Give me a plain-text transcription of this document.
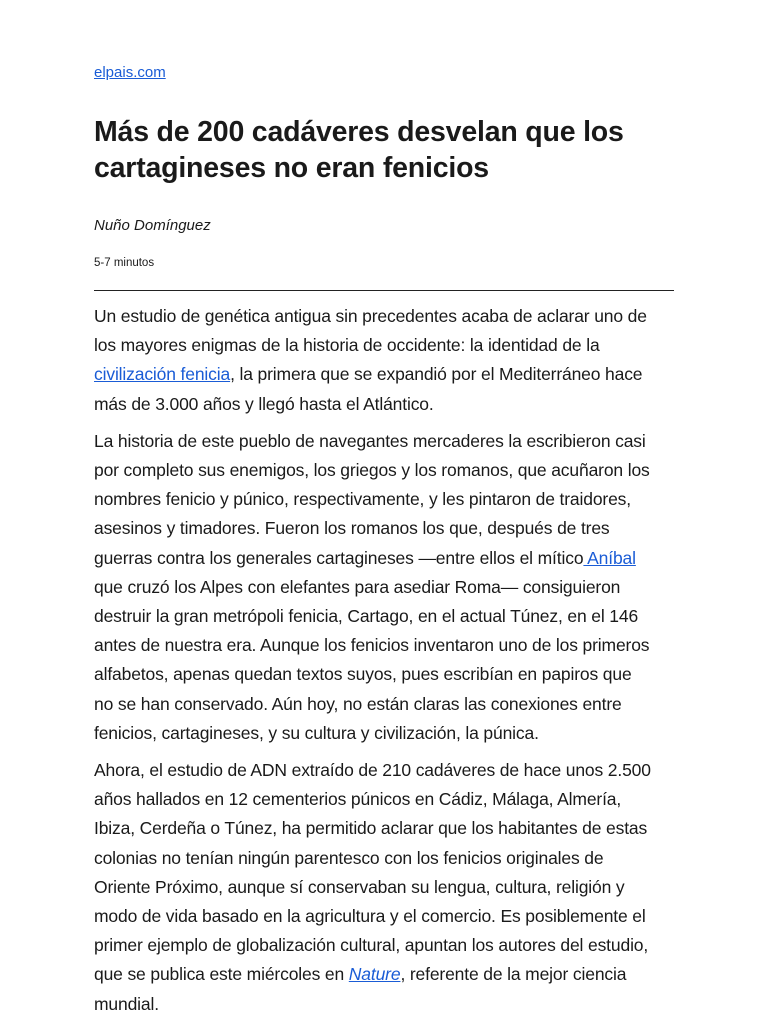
elpais.com
Más de 200 cadáveres desvelan que los
cartagineses no eran fenicios
Nuño Domínguez
5-7 minutos

Un estudio de genética antigua sin precedentes acaba de aclarar uno de
los mayores enigmas de la historia de occidente: la identidad de la
civilización fenicia, la primera que se expandió por el Mediterráneo hace
más de 3.000 años y llegó hasta el Atlántico.

La historia de este pueblo de navegantes mercaderes la escribieron casi
por completo sus enemigos, los griegos y los romanos, que acuñaron los
nombres fenicio y púnico, respectivamente, y les pintaron de traidores,
asesinos y timadores. Fueron los romanos los que, después de tres
guerras contra los generales cartagineses —entre ellos el mítico Aníbal
que cruzó los Alpes con elefantes para asediar Roma— consiguieron
destruir la gran metrópoli fenicia, Cartago, en el actual Túnez, en el 146
antes de nuestra era. Aunque los fenicios inventaron uno de los primeros
alfabetos, apenas quedan textos suyos, pues escribían en papiros que
no se han conservado. Aún hoy, no están claras las conexiones entre
fenicios, cartagineses, y su cultura y civilización, la púnica.

Ahora, el estudio de ADN extraído de 210 cadáveres de hace unos 2.500
años hallados en 12 cementerios púnicos en Cádiz, Málaga, Almería,
Ibiza, Cerdeña o Túnez, ha permitido aclarar que los habitantes de estas
colonias no tenían ningún parentesco con los fenicios originales de
Oriente Próximo, aunque sí conservaban su lengua, cultura, religión y
modo de vida basado en la agricultura y el comercio. Es posiblemente el
primer ejemplo de globalización cultural, apuntan los autores del estudio,
que se publica este miércoles en Nature, referente de la mejor ciencia
mundial.
